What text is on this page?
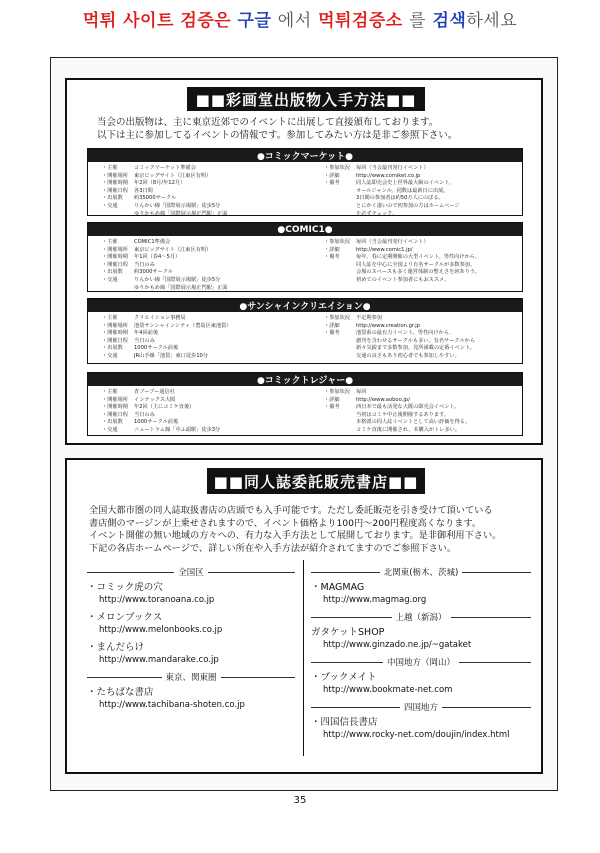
먹튀 사이트 검증은
구글
에서
먹튀검증소
를
검색 하세요
■■彩画堂出版物入手方法■■
当会の出版物は、主に東京近郊でのイベントに出展して直接頒布しております。
以下は主に参加してるイベントの情報です。参加してみたい方は是非ご参照下さい。
●コミックマーケット●
・主催	コミックマーケット準備会
・開催場所 東京ビッグサイト（江東区有明）
・開催時期 年2回（8月/年12月）
・開催日程 各3日間
・出展数 約35000サークル
・交通	りんかい線「国際展示場駅」徒歩5分
ゆりかもめ線「国際展示場正門駅」正面
・参加状況 毎回（当会最刊発行イベント）
・詳細	http://www.comiket.co.jp
・備考	同人誌即売会史上世界最大級のイベント。
オールジャンル。同数は最新日に出展。
3日間の参加者は約50万人にのぼる。
とにかく凄いので初参加の方はホームページ
を必ずチェック。
●COMIC1●
・主催	COMIC1準備会
・開催場所 東京ビッグサイト（江東区有明）
・開催時期 年1回（春4〜5月）
・開催日程 当日のみ
・出展数 約3000サークル
・交通	りんかい線「国際展示場駅」徒歩5分
ゆりかもめ線「国際展示場正門駅」正面
・参加状況 毎回（当会最刊発行イベント）
・詳細	http://www.comic1.jp/
・備考	毎年、春に定期開催の大型イベント。男性向けから、
同人誌を中心に全国より有名サークルが多数参加。
会場のスペースも多く運営体制の整えさを誇ありう。
初めてのイベント参加者にもおススメ。
●サンシャインクリエイション●
・主催	クリエイション事務局
・開催場所 池袋サンシャインシティ（豊島区東池袋）
・開催時期 年4回前後
・開催日程 当日のみ
・出展数 1000サークル前後
・交通	JR山手線「池袋」東口徒歩10分
・参加状況 不定期参加
・詳細	http://www.creation.gr.jp
・備考	池袋系の最有力イベント。男性向けから、
創刊を含わせるサークルも多い。有名サークルから
新々気鋭まで多数参加。見所満載の定番イベント。
交通の良さもあり初心者でも参加しやすい。
●コミックトレジャー●
・主催	青ブーブー通信社
・開催場所 インテックス大阪
・開催時期 年2回（主にコミケ直後）
・開催日程 当日のみ
・出展数 1000サークル前後
・交通	ニュートラム線「中ふ頭駅」徒歩3分
・参加状況 毎回
・詳細	http://www.aoboo.jp/
・備考	西日本で最も活発な大阪の即売会イベント。
当初はコミケ中止後開催するあります。
本格派の同人誌イベントとして高い評価を得る。
コミケ直後に開催され、本購入がトレ多い。
■■同人誌委託販売書店■■
全国大都市圏の同人誌取扱書店の店頭でも入手可能です。ただし委託販売を引き受けて頂いている
書店側のマージンが上乗せされますので、イベント価格より100円〜200円程度高くなります。
イベント開催の無い地域の方々への、有力な入手方法として展開しております。是非御利用下さい。
下記の各店ホームページで、詳しい所在や入手方法が紹介されてますのでご参照下さい。
全国区
・コミック虎の穴
http://www.toranoana.co.jp
・メロンブックス
http://www.melonbooks.co.jp
・まんだらけ
http://www.mandarake.co.jp
東京、関東圏
・たちばな書店
http://www.tachibana-shoten.co.jp
北関東(栃木、茨城)
・MAGMAG
http://www.magmag.org
上越（新潟）
ガタケットSHOP
http://www.ginzado.ne.jp/~gataket
中国地方（岡山）
・ブックメイト
http://www.bookmate-net.com
四国地方
・四国信長書店
http://www.rocky-net.com/doujin/index.html
35
